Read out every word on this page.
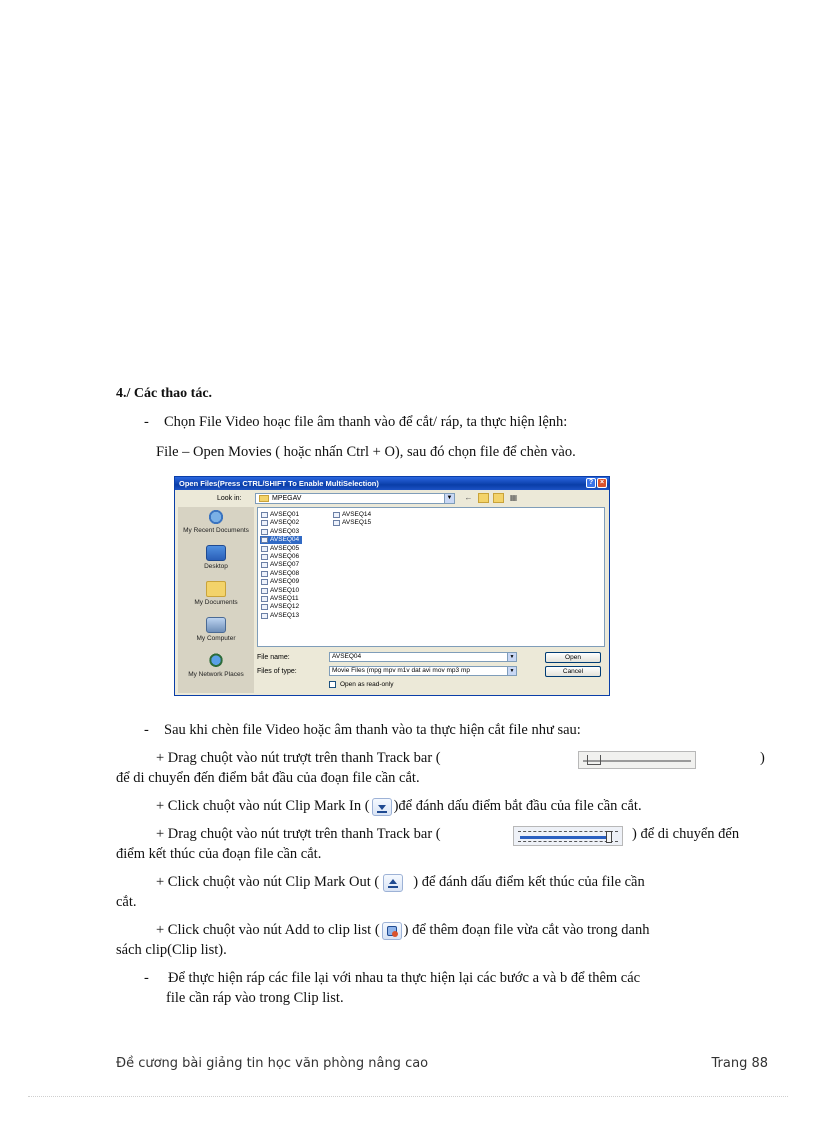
4./ Các thao tác.
- Chọn File Video hoạc file âm thanh vào để cắt/ ráp, ta thực hiện lệnh:
File – Open Movies ( hoặc nhấn Ctrl + O), sau đó chọn file để chèn vào.
Open Files(Press CTRL/SHIFT To Enable MultiSelection)	? ×
Look in:	MPEGAV	▼ ←	▦
My Recent Documents
Desktop
My Documents
My Computer
My Network Places
AVSEQ01
AVSEQ02
AVSEQ03
AVSEQ04
AVSEQ05
AVSEQ06
AVSEQ07
AVSEQ08
AVSEQ09
AVSEQ10
AVSEQ11
AVSEQ12
AVSEQ13
AVSEQ14
AVSEQ15
File name:	AVSEQ04	▼
Files of type:	Movie Files (mpg mpv m1v dat avi mov mp3 mp	▼
Open as read-only
Open
Cancel
- Sau khi chèn file Video hoặc âm thanh vào ta thực hiện cắt file như sau:
+ Drag chuột vào nút trượt trên thanh Track bar (	)
để di chuyển đến điểm bắt đầu của đoạn file cần cắt.
+ Click chuột vào nút Clip Mark In ( )để đánh dấu điểm bắt đầu của file cần cắt.
+ Drag chuột vào nút trượt trên thanh Track bar (	) để di chuyển đến
điểm kết thúc của đoạn file cần cắt.
+ Click chuột vào nút Clip Mark Out ( ) để đánh dấu điểm kết thúc của file cần
cắt.
+ Click chuột vào nút Add to clip list ( ) để thêm đoạn file vừa cắt vào trong danh
sách clip(Clip list).
- Để thực hiện ráp các file lại với nhau ta thực hiện lại các bước a và b để thêm các
file cần ráp vào trong Clip list.
Đề cương bài giảng tin học văn phòng nâng cao	Trang 88
